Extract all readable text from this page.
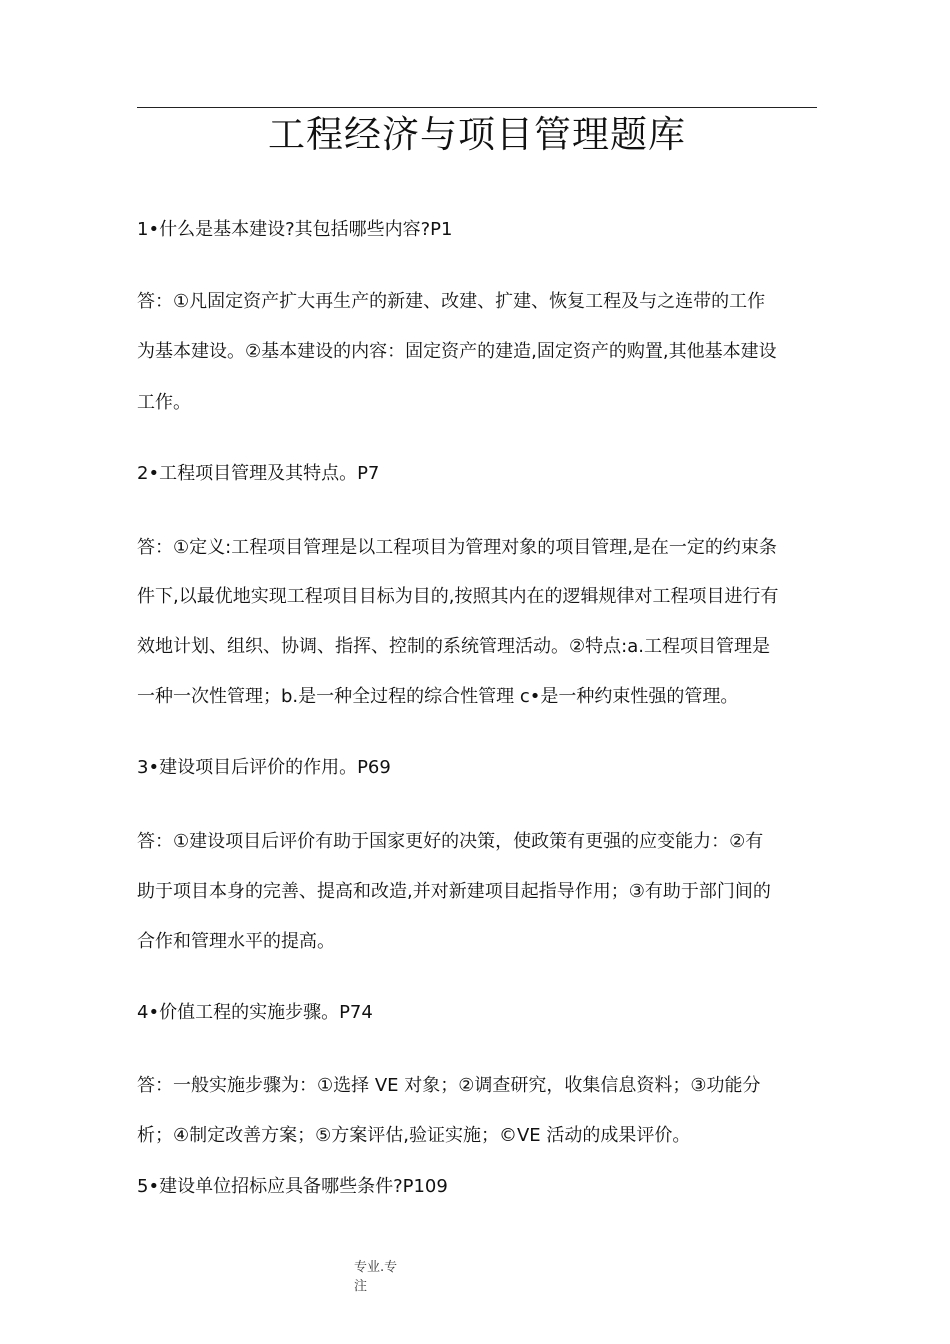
工程经济与项目管理题库
1•什么是基本建设?其包括哪些内容?P1
答：①凡固定资产扩大再生产的新建、改建、扩建、恢复工程及与之连带的工作
为基本建设。②基本建设的内容：固定资产的建造,固定资产的购置,其他基本建设
工作。
2•工程项目管理及其特点。P7
答：①定义:工程项目管理是以工程项目为管理对象的项目管理,是在一定的约束条
件下,以最优地实现工程项目目标为目的,按照其内在的逻辑规律对工程项目进行有
效地计划、组织、协调、指挥、控制的系统管理活动。②特点:a.工程项目管理是
一种一次性管理；b.是一种全过程的综合性管理 c•是一种约束性强的管理。
3•建设项目后评价的作用。P69
答：①建设项目后评价有助于国家更好的决策，使政策有更强的应变能力：②有
助于项目本身的完善、提高和改造,并对新建项目起指导作用；③有助于部门间的
合作和管理水平的提高。
4•价值工程的实施步骤。P74
答：一般实施步骤为：①选择 VE 对象；②调查研究，收集信息资料；③功能分
析；④制定改善方案；⑤方案评估,验证实施；©VE 活动的成果评价。
5•建设单位招标应具备哪些条件?P109
专业.专
注
